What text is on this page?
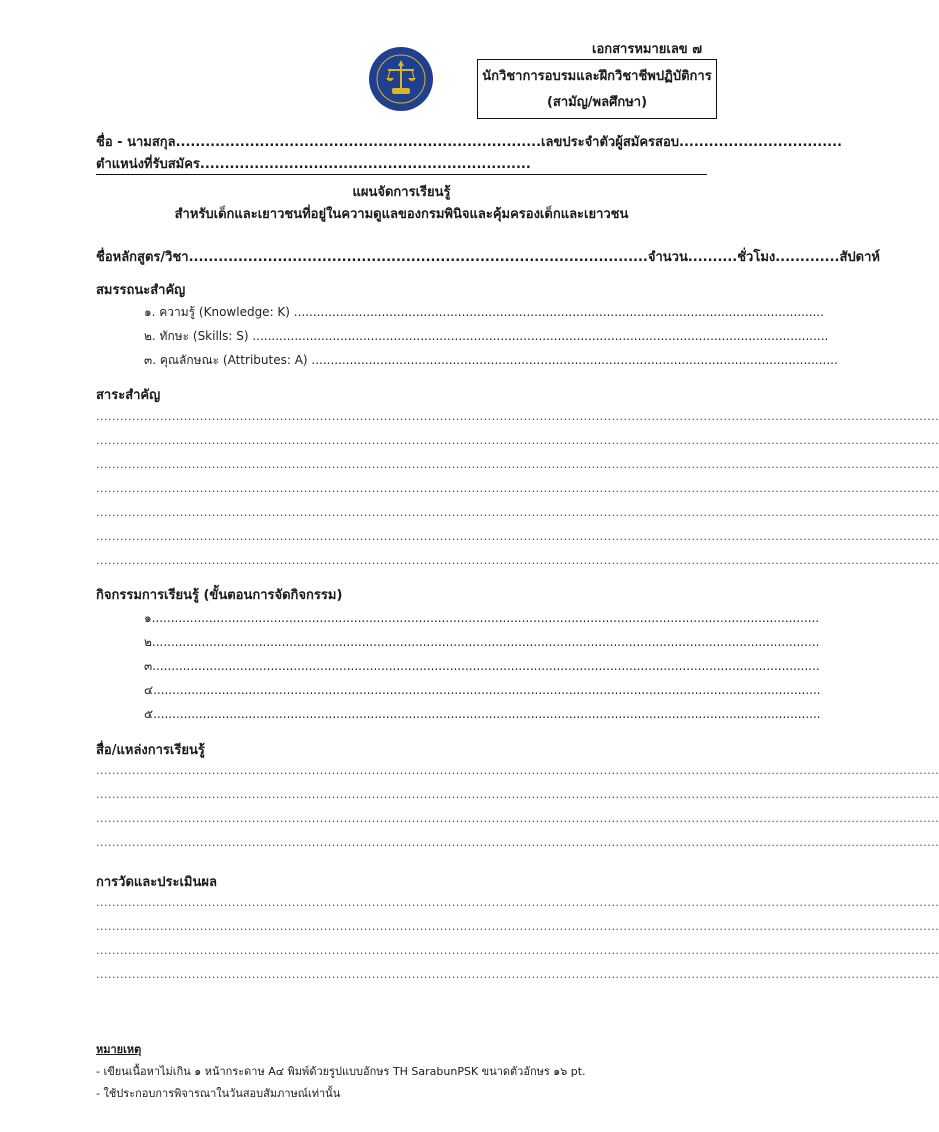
เอกสารหมายเลข ๗
นักวิชาการอบรมและฝึกวิชาชีพปฏิบัติการ
(สามัญ/พลศึกษา)
ชื่อ - นามสกุล..........................................................................เลขประจำตัวผู้สมัครสอบ.................................
ตำแหน่งที่รับสมัคร...................................................................
แผนจัดการเรียนรู้
สำหรับเด็กและเยาวชนที่อยู่ในความดูแลของกรมพินิจและคุ้มครองเด็กและเยาวชน
ชื่อหลักสูตร/วิชา.............................................................................................จำนวน..........ชั่วโมง.............สัปดาห์
สมรรถนะสำคัญ
๑. ความรู้ (Knowledge: K) ...........................................................................................................................................
๒. ทักษะ (Skills: S) .......................................................................................................................................................
๓. คุณลักษณะ (Attributes: A) ..........................................................................................................................................
สาระสำคัญ
...................................................................................................................................................................................................................
...................................................................................................................................................................................................................
...................................................................................................................................................................................................................
...................................................................................................................................................................................................................
...................................................................................................................................................................................................................
...................................................................................................................................................................................................................
...................................................................................................................................................................................................................
กิจกรรมการเรียนรู้ (ขั้นตอนการจัดกิจกรรม)
๑...............................................................................................................................................................................
๒...............................................................................................................................................................................
๓...............................................................................................................................................................................
๔...............................................................................................................................................................................
๕...............................................................................................................................................................................
สื่อ/แหล่งการเรียนรู้
...................................................................................................................................................................................................................
...................................................................................................................................................................................................................
...................................................................................................................................................................................................................
...................................................................................................................................................................................................................
การวัดและประเมินผล
...................................................................................................................................................................................................................
...................................................................................................................................................................................................................
...................................................................................................................................................................................................................
...................................................................................................................................................................................................................
หมายเหตุ
- เขียนเนื้อหาไม่เกิน ๑ หน้ากระดาษ A๔ พิมพ์ด้วยรูปแบบอักษร TH SarabunPSK ขนาดตัวอักษร ๑๖ pt.
- ใช้ประกอบการพิจารณาในวันสอบสัมภาษณ์เท่านั้น
